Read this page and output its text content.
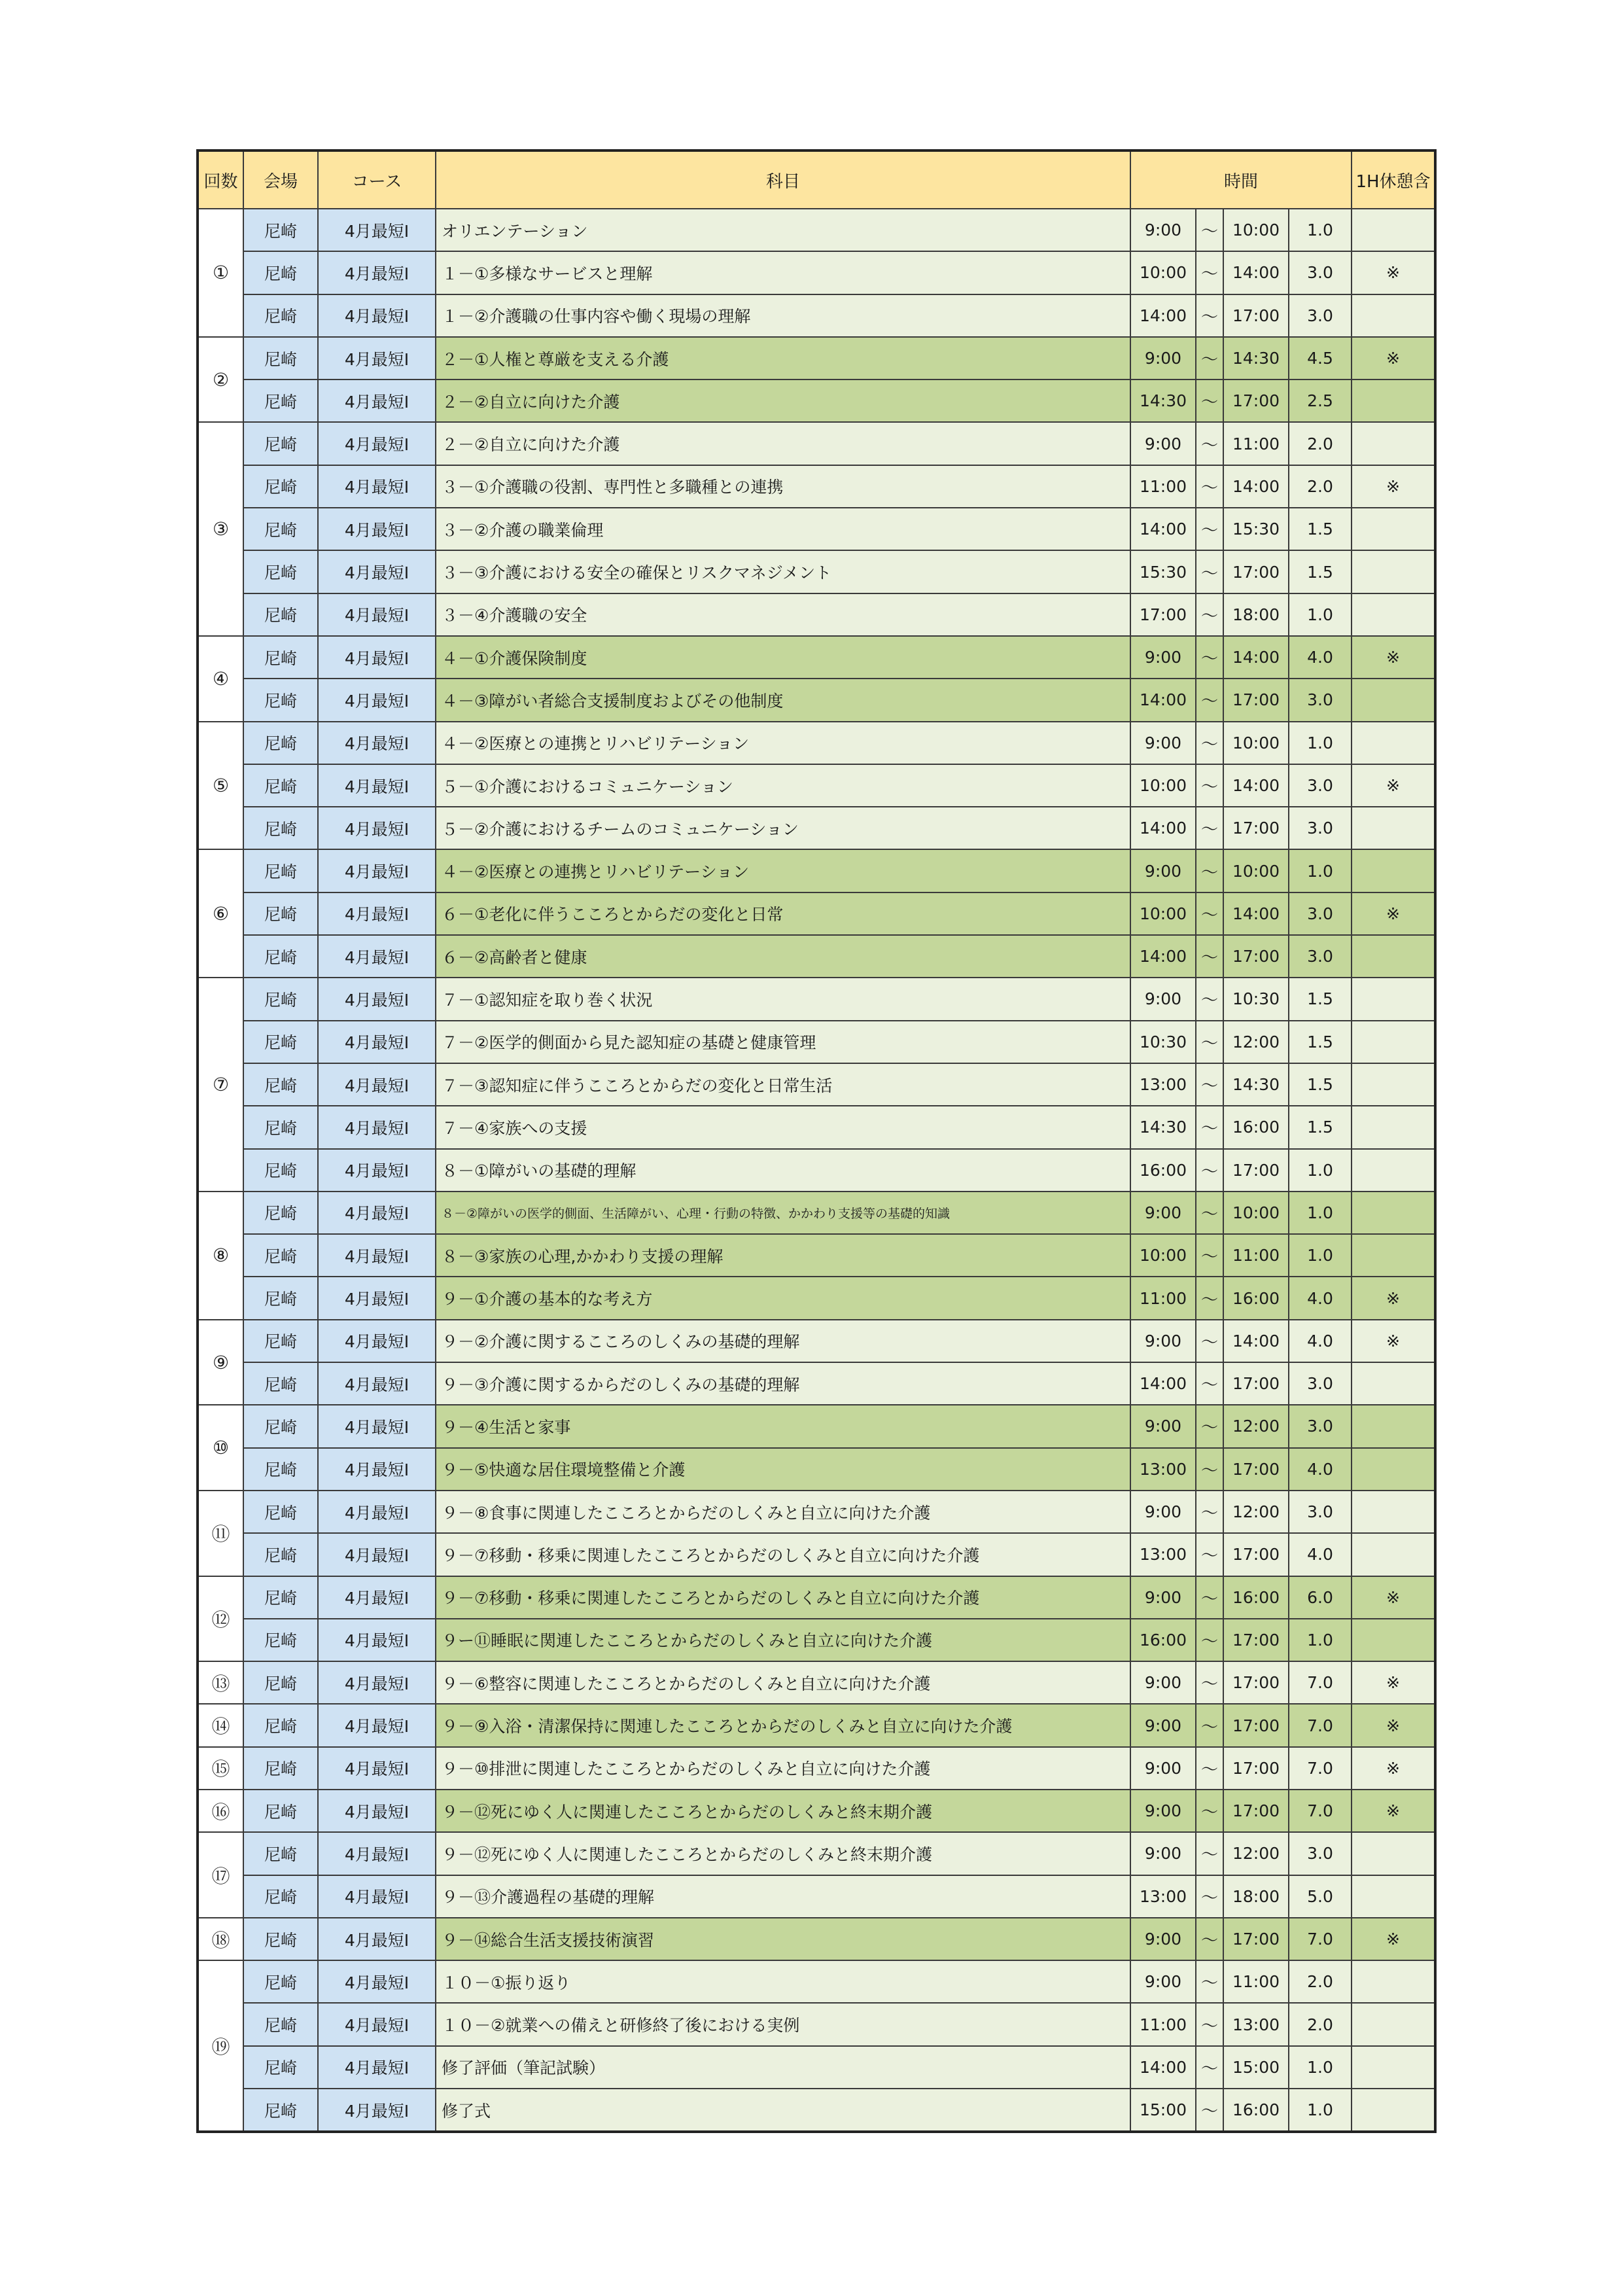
回数	会場	コース	科目	時間				1H休憩含
①	尼崎	4月最短Ⅰ	オリエンテーション	9:00	～	10:00	1.0	
	尼崎	4月最短Ⅰ	１－①多様なサービスと理解	10:00	～	14:00	3.0	※
	尼崎	4月最短Ⅰ	１－②介護職の仕事内容や働く現場の理解	14:00	～	17:00	3.0	
②	尼崎	4月最短Ⅰ	２－①人権と尊厳を支える介護	9:00	～	14:30	4.5	※
	尼崎	4月最短Ⅰ	２－②自立に向けた介護	14:30	～	17:00	2.5	
③	尼崎	4月最短Ⅰ	２－②自立に向けた介護	9:00	～	11:00	2.0	
	尼崎	4月最短Ⅰ	３－①介護職の役割、専門性と多職種との連携	11:00	～	14:00	2.0	※
	尼崎	4月最短Ⅰ	３－②介護の職業倫理	14:00	～	15:30	1.5	
	尼崎	4月最短Ⅰ	３－③介護における安全の確保とリスクマネジメント	15:30	～	17:00	1.5	
	尼崎	4月最短Ⅰ	３－④介護職の安全	17:00	～	18:00	1.0	
④	尼崎	4月最短Ⅰ	４－①介護保険制度	9:00	～	14:00	4.0	※
	尼崎	4月最短Ⅰ	４－③障がい者総合支援制度およびその他制度	14:00	～	17:00	3.0	
⑤	尼崎	4月最短Ⅰ	４－②医療との連携とリハビリテーション	9:00	～	10:00	1.0	
	尼崎	4月最短Ⅰ	５－①介護におけるコミュニケーション	10:00	～	14:00	3.0	※
	尼崎	4月最短Ⅰ	５－②介護におけるチームのコミュニケーション	14:00	～	17:00	3.0	
⑥	尼崎	4月最短Ⅰ	４－②医療との連携とリハビリテーション	9:00	～	10:00	1.0	
	尼崎	4月最短Ⅰ	６－①老化に伴うこころとからだの変化と日常	10:00	～	14:00	3.0	※
	尼崎	4月最短Ⅰ	６－②高齢者と健康	14:00	～	17:00	3.0	
⑦	尼崎	4月最短Ⅰ	７－①認知症を取り巻く状況	9:00	～	10:30	1.5	
	尼崎	4月最短Ⅰ	７－②医学的側面から見た認知症の基礎と健康管理	10:30	～	12:00	1.5	
	尼崎	4月最短Ⅰ	７－③認知症に伴うこころとからだの変化と日常生活	13:00	～	14:30	1.5	
	尼崎	4月最短Ⅰ	７－④家族への支援	14:30	～	16:00	1.5	
	尼崎	4月最短Ⅰ	８－①障がいの基礎的理解	16:00	～	17:00	1.0	
⑧	尼崎	4月最短Ⅰ	８－②障がいの医学的側面、生活障がい、心理・行動の特徴、かかわり支援等の基礎的知識	9:00	～	10:00	1.0	
	尼崎	4月最短Ⅰ	８－③家族の心理,かかわり支援の理解	10:00	～	11:00	1.0	
	尼崎	4月最短Ⅰ	９－①介護の基本的な考え方	11:00	～	16:00	4.0	※
⑨	尼崎	4月最短Ⅰ	９－②介護に関するこころのしくみの基礎的理解	9:00	～	14:00	4.0	※
	尼崎	4月最短Ⅰ	９－③介護に関するからだのしくみの基礎的理解	14:00	～	17:00	3.0	
⑩	尼崎	4月最短Ⅰ	９－④生活と家事	9:00	～	12:00	3.0	
	尼崎	4月最短Ⅰ	９－⑤快適な居住環境整備と介護	13:00	～	17:00	4.0	
⑪	尼崎	4月最短Ⅰ	９－⑧食事に関連したこころとからだのしくみと自立に向けた介護	9:00	～	12:00	3.0	
	尼崎	4月最短Ⅰ	９－⑦移動・移乗に関連したこころとからだのしくみと自立に向けた介護	13:00	～	17:00	4.0	
⑫	尼崎	4月最短Ⅰ	９－⑦移動・移乗に関連したこころとからだのしくみと自立に向けた介護	9:00	～	16:00	6.0	※
	尼崎	4月最短Ⅰ	９ー⑪睡眠に関連したこころとからだのしくみと自立に向けた介護	16:00	～	17:00	1.0	
⑬	尼崎	4月最短Ⅰ	９－⑥整容に関連したこころとからだのしくみと自立に向けた介護	9:00	～	17:00	7.0	※
⑭	尼崎	4月最短Ⅰ	９－⑨入浴・清潔保持に関連したこころとからだのしくみと自立に向けた介護	9:00	～	17:00	7.0	※
⑮	尼崎	4月最短Ⅰ	９－⑩排泄に関連したこころとからだのしくみと自立に向けた介護	9:00	～	17:00	7.0	※
⑯	尼崎	4月最短Ⅰ	９－⑫死にゆく人に関連したこころとからだのしくみと終末期介護	9:00	～	17:00	7.0	※
⑰	尼崎	4月最短Ⅰ	９－⑫死にゆく人に関連したこころとからだのしくみと終末期介護	9:00	～	12:00	3.0	
	尼崎	4月最短Ⅰ	９－⑬介護過程の基礎的理解	13:00	～	18:00	5.0	
⑱	尼崎	4月最短Ⅰ	９－⑭総合生活支援技術演習	9:00	～	17:00	7.0	※
⑲	尼崎	4月最短Ⅰ	１０－①振り返り	9:00	～	11:00	2.0	
	尼崎	4月最短Ⅰ	１０－②就業への備えと研修終了後における実例	11:00	～	13:00	2.0	
	尼崎	4月最短Ⅰ	修了評価（筆記試験）	14:00	～	15:00	1.0	
	尼崎	4月最短Ⅰ	修了式	15:00	～	16:00	1.0	
